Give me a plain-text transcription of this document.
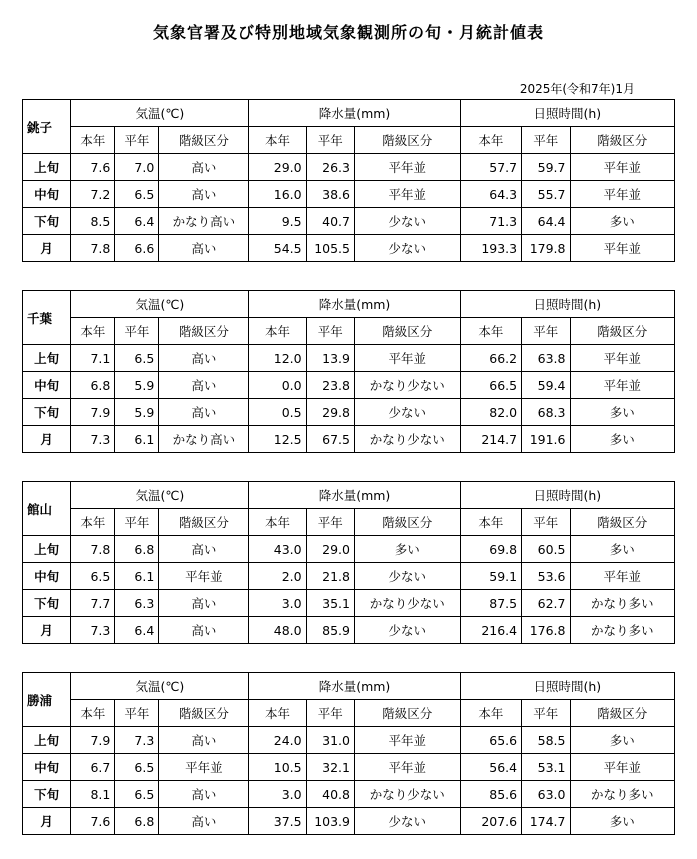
気象官署及び特別地域気象観測所の旬・月統計値表
2025年(令和7年)1月
銚子	気温(℃)			降水量(mm)			日照時間(h)		
	本年	平年	階級区分	本年	平年	階級区分	本年	平年	階級区分
上旬	7.6	7.0	高い	29.0	26.3	平年並	57.7	59.7	平年並
中旬	7.2	6.5	高い	16.0	38.6	平年並	64.3	55.7	平年並
下旬	8.5	6.4	かなり高い	9.5	40.7	少ない	71.3	64.4	多い
月	7.8	6.6	高い	54.5	105.5	少ない	193.3	179.8	平年並
千葉	気温(℃)			降水量(mm)			日照時間(h)		
	本年	平年	階級区分	本年	平年	階級区分	本年	平年	階級区分
上旬	7.1	6.5	高い	12.0	13.9	平年並	66.2	63.8	平年並
中旬	6.8	5.9	高い	0.0	23.8	かなり少ない	66.5	59.4	平年並
下旬	7.9	5.9	高い	0.5	29.8	少ない	82.0	68.3	多い
月	7.3	6.1	かなり高い	12.5	67.5	かなり少ない	214.7	191.6	多い
館山	気温(℃)			降水量(mm)			日照時間(h)		
	本年	平年	階級区分	本年	平年	階級区分	本年	平年	階級区分
上旬	7.8	6.8	高い	43.0	29.0	多い	69.8	60.5	多い
中旬	6.5	6.1	平年並	2.0	21.8	少ない	59.1	53.6	平年並
下旬	7.7	6.3	高い	3.0	35.1	かなり少ない	87.5	62.7	かなり多い
月	7.3	6.4	高い	48.0	85.9	少ない	216.4	176.8	かなり多い
勝浦	気温(℃)			降水量(mm)			日照時間(h)		
	本年	平年	階級区分	本年	平年	階級区分	本年	平年	階級区分
上旬	7.9	7.3	高い	24.0	31.0	平年並	65.6	58.5	多い
中旬	6.7	6.5	平年並	10.5	32.1	平年並	56.4	53.1	平年並
下旬	8.1	6.5	高い	3.0	40.8	かなり少ない	85.6	63.0	かなり多い
月	7.6	6.8	高い	37.5	103.9	少ない	207.6	174.7	多い
